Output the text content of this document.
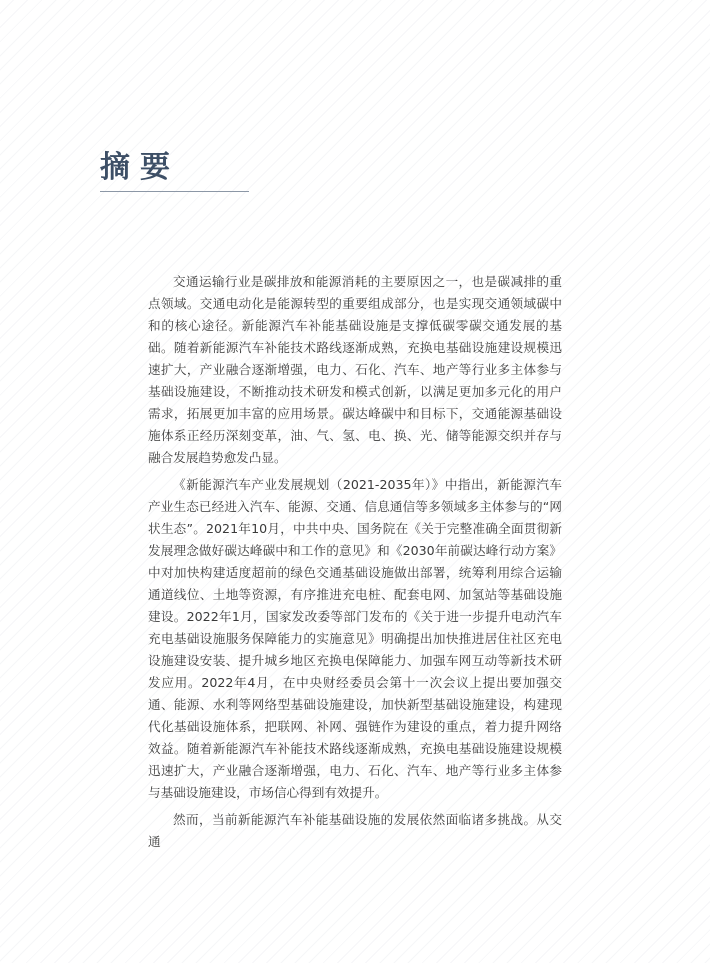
摘要

交通运输行业是碳排放和能源消耗的主要原因之一，也是碳减排的重点领域。交通电动化是能源转型的重要组成部分，也是实现交通领域碳中和的核心途径。新能源汽车补能基础设施是支撑低碳零碳交通发展的基础。随着新能源汽车补能技术路线逐渐成熟，充换电基础设施建设规模迅速扩大，产业融合逐渐增强，电力、石化、汽车、地产等行业多主体参与基础设施建设，不断推动技术研发和模式创新，以满足更加多元化的用户需求，拓展更加丰富的应用场景。碳达峰碳中和目标下，交通能源基础设施体系正经历深刻变革，油、气、氢、电、换、光、储等能源交织并存与融合发展趋势愈发凸显。

《新能源汽车产业发展规划（2021-2035年）》中指出，新能源汽车产业生态已经进入汽车、能源、交通、信息通信等多领域多主体参与的“网状生态”。2021年10月，中共中央、国务院在《关于完整准确全面贯彻新发展理念做好碳达峰碳中和工作的意见》和《2030年前碳达峰行动方案》中对加快构建适度超前的绿色交通基础设施做出部署，统筹利用综合运输通道线位、土地等资源，有序推进充电桩、配套电网、加氢站等基础设施建设。2022年1月，国家发改委等部门发布的《关于进一步提升电动汽车充电基础设施服务保障能力的实施意见》明确提出加快推进居住社区充电设施建设安装、提升城乡地区充换电保障能力、加强车网互动等新技术研发应用。2022年4月，在中央财经委员会第十一次会议上提出要加强交通、能源、水利等网络型基础设施建设，加快新型基础设施建设，构建现代化基础设施体系，把联网、补网、强链作为建设的重点，着力提升网络效益。随着新能源汽车补能技术路线逐渐成熟，充换电基础设施建设规模迅速扩大，产业融合逐渐增强，电力、石化、汽车、地产等行业多主体参与基础设施建设，市场信心得到有效提升。

然而，当前新能源汽车补能基础设施的发展依然面临诸多挑战。从交通
